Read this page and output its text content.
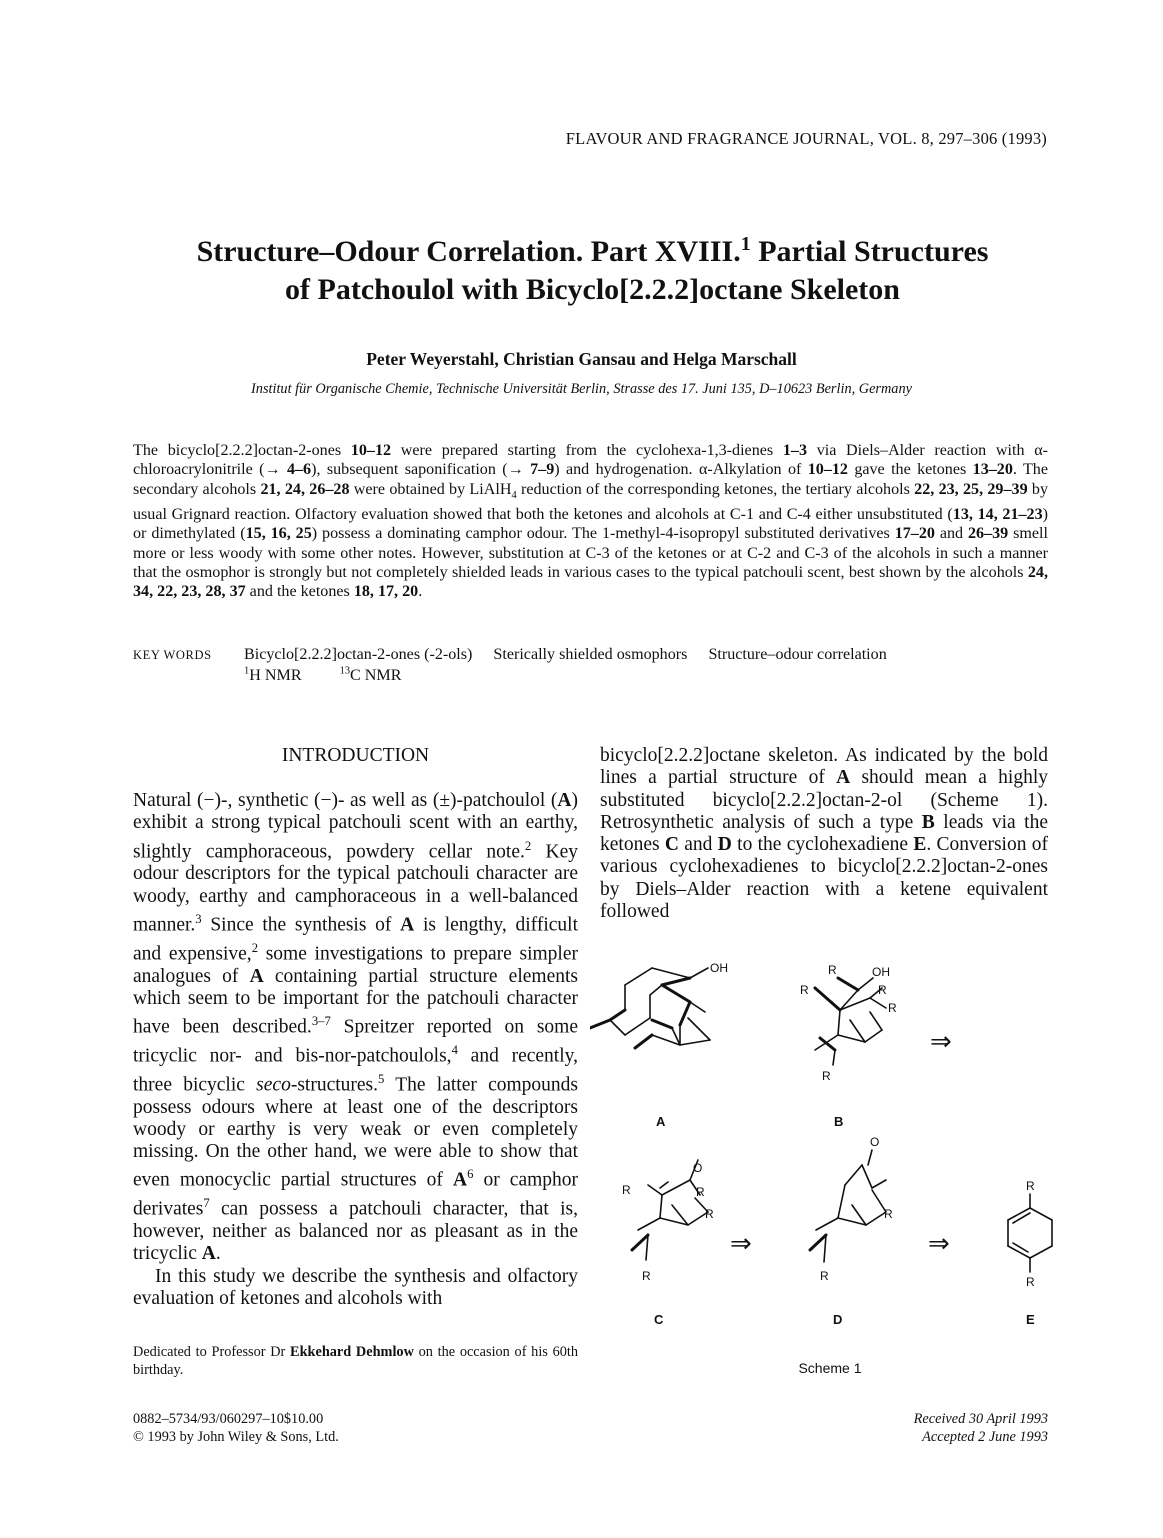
FLAVOUR AND FRAGRANCE JOURNAL, VOL. 8, 297–306 (1993)
Structure–Odour Correlation. Part XVIII.$^1$ Partial Structures
of Patchoulol with Bicyclo[2.2.2]octane Skeleton
Peter Weyerstahl, Christian Gansau and Helga Marschall
Institut für Organische Chemie, Technische Universität Berlin, Strasse des 17. Juni 135, D–10623 Berlin, Germany
The bicyclo[2.2.2]octan-2-ones 10–12 were prepared starting from the cyclohexa-1,3-dienes 1–3 via Diels–Alder reaction with α-chloroacrylonitrile (→ 4–6), subsequent saponification (→ 7–9) and hydrogenation. α-Alkylation of 10–12 gave the ketones 13–20. The secondary alcohols 21, 24, 26–28 were obtained by LiAlH$_4$ reduction of the corresponding ketones, the tertiary alcohols 22, 23, 25, 29–39 by usual Grignard reaction. Olfactory evaluation showed that both the ketones and alcohols at C-1 and C-4 either unsubstituted (13, 14, 21–23) or dimethylated (15, 16, 25) possess a dominating camphor odour. The 1-methyl-4-isopropyl substituted derivatives 17–20 and 26–39 smell more or less woody with some other notes. However, substitution at C-3 of the ketones or at C-2 and C-3 of the alcohols in such a manner that the osmophor is strongly but not completely shielded leads in various cases to the typical patchouli scent, best shown by the alcohols 24, 34, 22, 23, 28, 37 and the ketones 18, 17, 20.
KEY WORDS Bicyclo[2.2.2]octan-2-ones (-2-ols) Sterically shielded osmophors Structure–odour correlation
$^1$H NMR	$^{13}$C NMR
INTRODUCTION

Natural (−)-, synthetic (−)- as well as (±)-patchoulol (A) exhibit a strong typical patchouli scent with an earthy, slightly camphoraceous, powdery cellar note.$^2$ Key odour descriptors for the typical patchouli character are woody, earthy and camphoraceous in a well-balanced manner.$^3$ Since the synthesis of A is lengthy, difficult and expensive,$^2$ some investigations to prepare simpler analogues of A containing partial structure elements which seem to be important for the patchouli character have been described.$^{3-7}$ Spreitzer reported on some tricyclic nor- and bis-nor-patchoulols,$^4$ and recently, three bicyclic seco-structures.$^5$ The latter compounds possess odours where at least one of the descriptors woody or earthy is very weak or even completely missing. On the other hand, we were able to show that even monocyclic partial structures of $A^6$ or camphor derivates$^7$ can possess a patchouli character, that is, however, neither as balanced nor as pleasant as in the tricyclic A.

In this study we describe the synthesis and olfactory evaluation of ketones and alcohols with

bicyclo[2.2.2]octane skeleton. As indicated by the bold lines a partial structure of A should mean a highly substituted bicyclo[2.2.2]octan-2-ol (Scheme 1). Retrosynthetic analysis of such a type B leads via the ketones C and D to the cyclohexadiene E. Conversion of various cyclohexadienes to bicyclo[2.2.2]octan-2-ones by Diels–Alder reaction with a ketene equivalent followed

OH	R	OH
R	R
R
R
O
R	R
R
R
O
R
R
R
R
⇒
⇒	⇒
A	B
C	D	E
Scheme 1
Dedicated to Professor Dr Ekkehard Dehmlow on the occasion of his 60th birthday.
0882–5734/93/060297–10$10.00
© 1993 by John Wiley & Sons, Ltd.
Received 30 April 1993
Accepted 2 June 1993
